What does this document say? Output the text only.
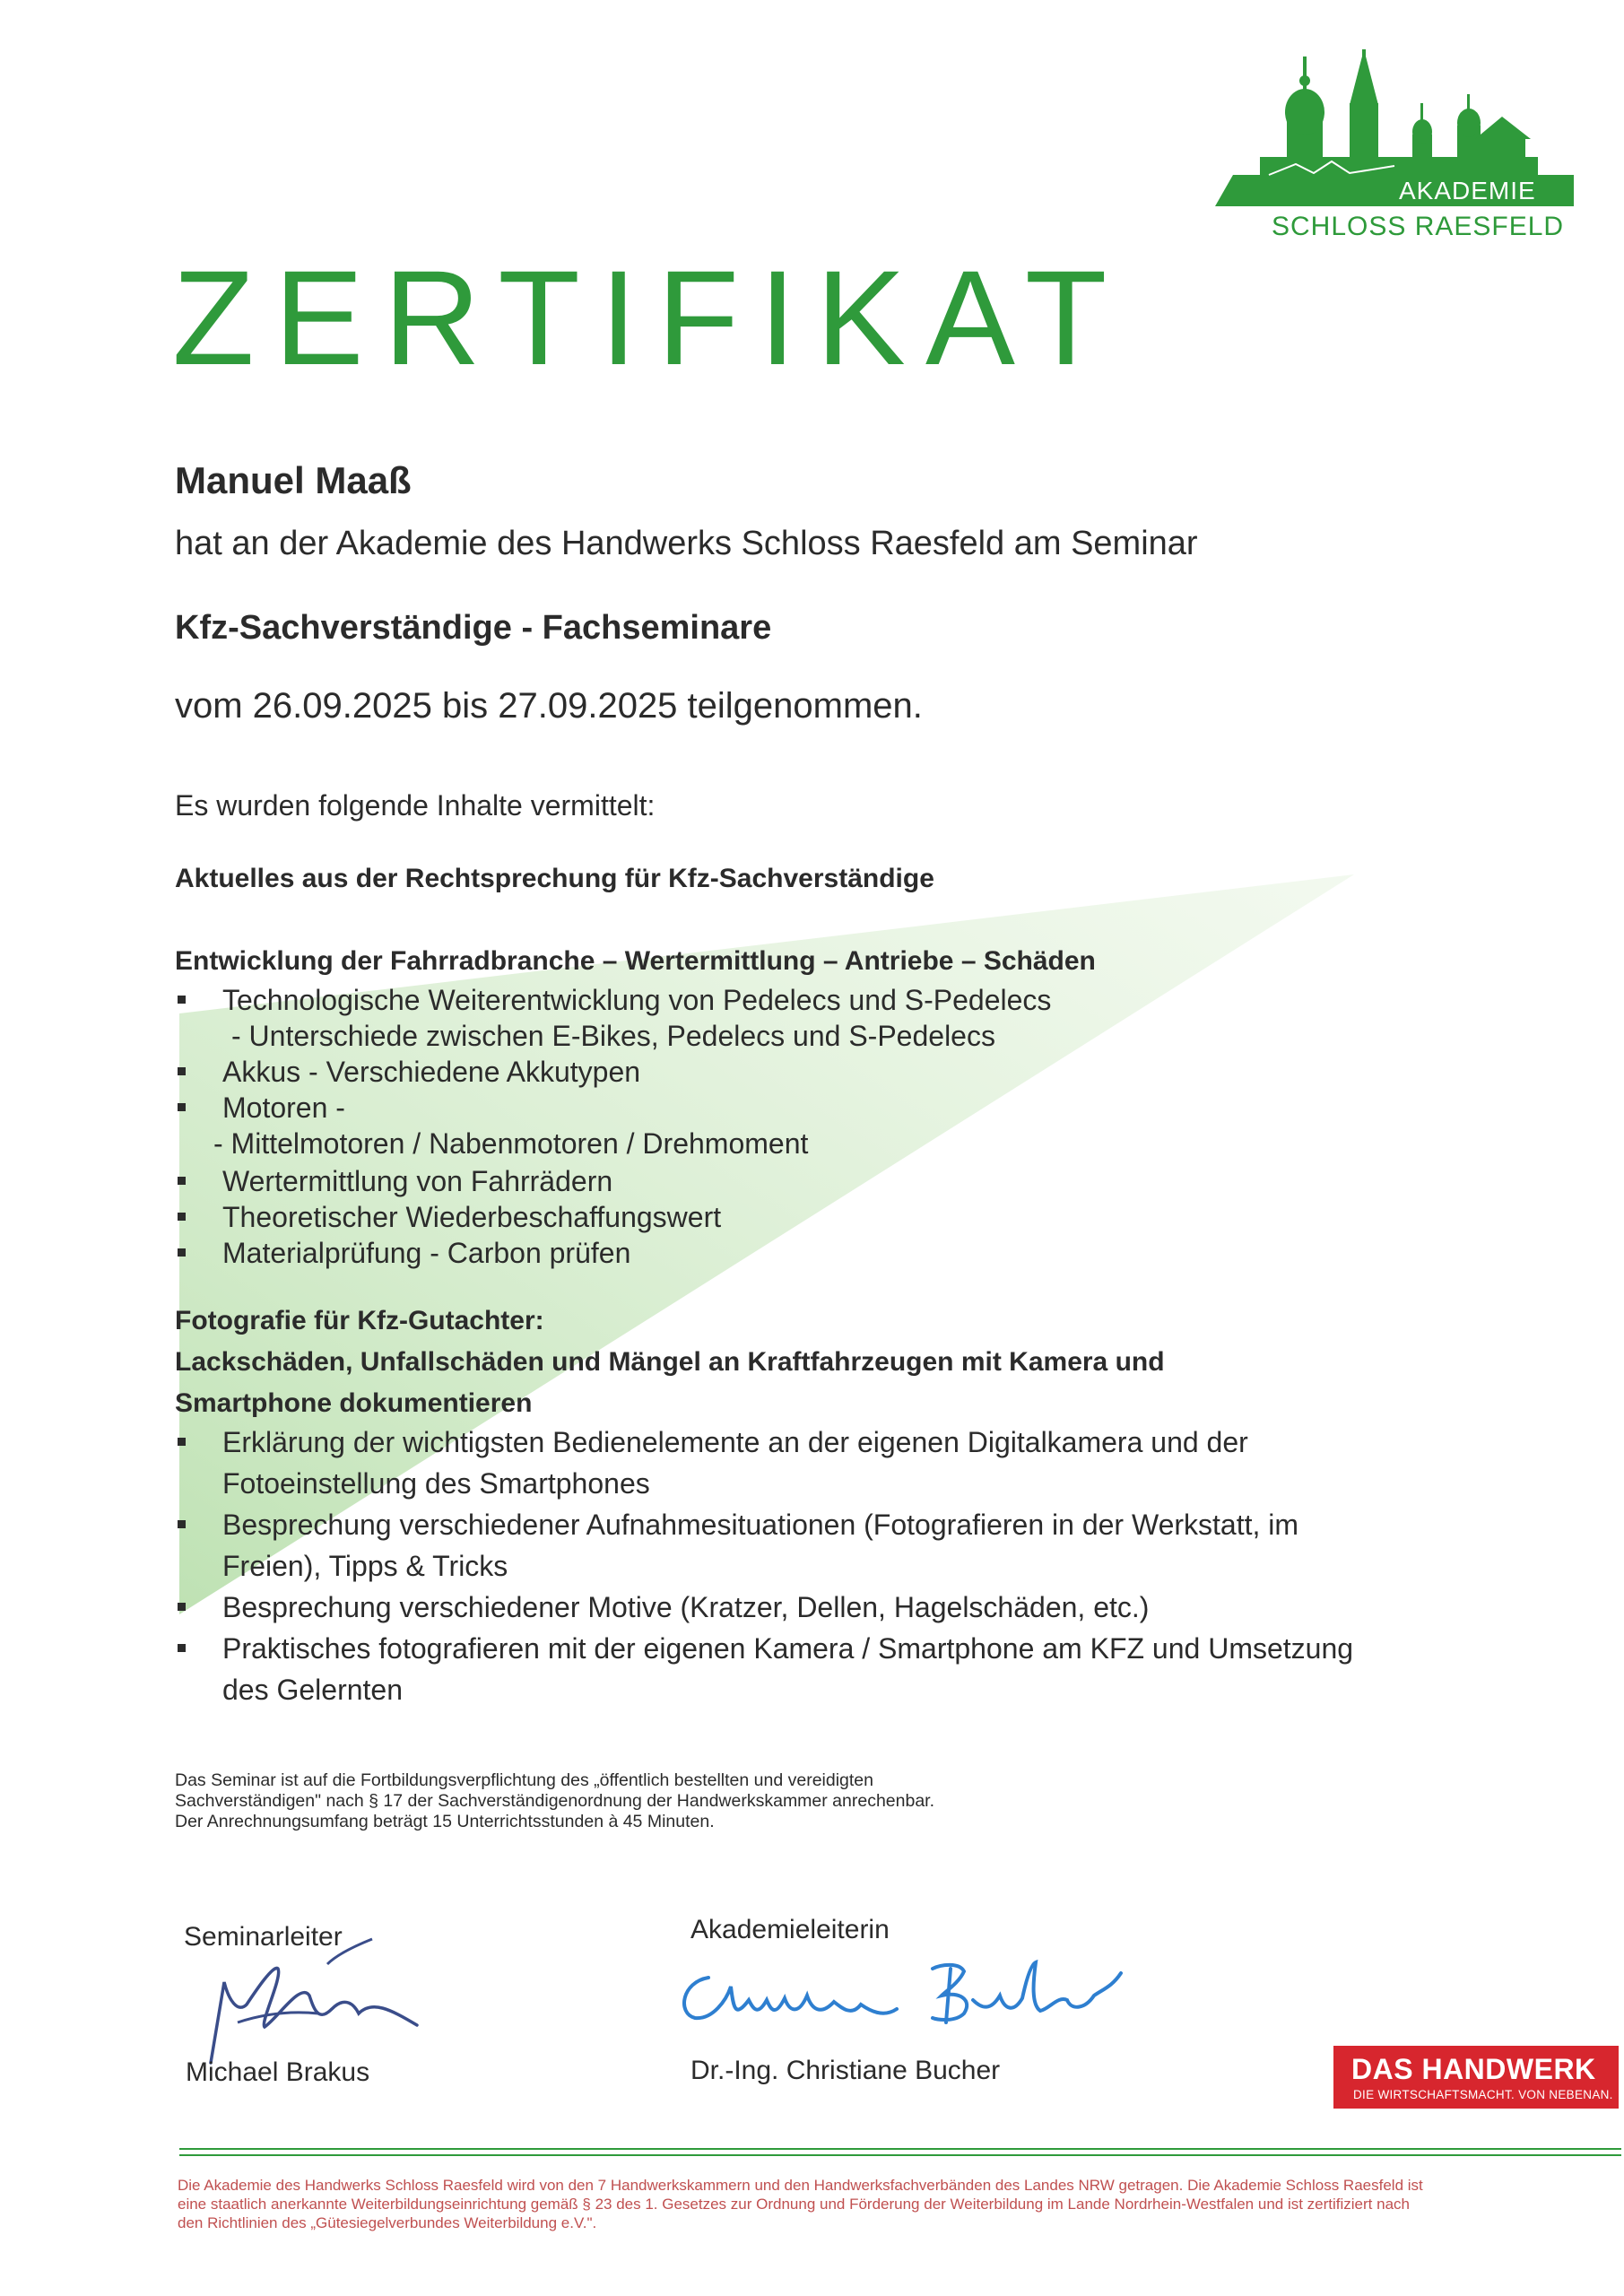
AKADEMIE
SCHLOSS RAESFELD
ZERTIFIKAT
Manuel Maaß
hat an der Akademie des Handwerks Schloss Raesfeld am Seminar
Kfz-Sachverständige - Fachseminare
vom 26.09.2025 bis 27.09.2025 teilgenommen.
Es wurden folgende Inhalte vermittelt:
Aktuelles aus der Rechtsprechung für Kfz-Sachverständige
Entwicklung der Fahrradbranche – Wertermittlung – Antriebe – Schäden
Technologische Weiterentwicklung von Pedelecs und S-Pedelecs
- Unterschiede zwischen E-Bikes, Pedelecs und S-Pedelecs
Akkus - Verschiedene Akkutypen
Motoren -
- Mittelmotoren / Nabenmotoren / Drehmoment
Wertermittlung von Fahrrädern
Theoretischer Wiederbeschaffungswert
Materialprüfung - Carbon prüfen
Fotografie für Kfz-Gutachter:
Lackschäden, Unfallschäden und Mängel an Kraftfahrzeugen mit Kamera und
Smartphone dokumentieren
Erklärung der wichtigsten Bedienelemente an der eigenen Digitalkamera und der
Fotoeinstellung des Smartphones
Besprechung verschiedener Aufnahmesituationen (Fotografieren in der Werkstatt, im
Freien), Tipps & Tricks
Besprechung verschiedener Motive (Kratzer, Dellen, Hagelschäden, etc.)
Praktisches fotografieren mit der eigenen Kamera / Smartphone am KFZ und Umsetzung
des Gelernten
Das Seminar ist auf die Fortbildungsverpflichtung des „öffentlich bestellten und vereidigten
Sachverständigen" nach § 17 der Sachverständigenordnung der Handwerkskammer anrechenbar.
Der Anrechnungsumfang beträgt 15 Unterrichtsstunden à 45 Minuten.
Seminarleiter
Michael Brakus
Akademieleiterin
Dr.-Ing. Christiane Bucher	DAS HANDWERK
DIE WIRTSCHAFTSMACHT. VON NEBENAN.
Die Akademie des Handwerks Schloss Raesfeld wird von den 7 Handwerkskammern und den Handwerksfachverbänden des Landes NRW getragen. Die Akademie Schloss Raesfeld ist
eine staatlich anerkannte Weiterbildungseinrichtung gemäß § 23 des 1. Gesetzes zur Ordnung und Förderung der Weiterbildung im Lande Nordrhein-Westfalen und ist zertifiziert nach
den Richtlinien des „Gütesiegelverbundes Weiterbildung e.V.".
